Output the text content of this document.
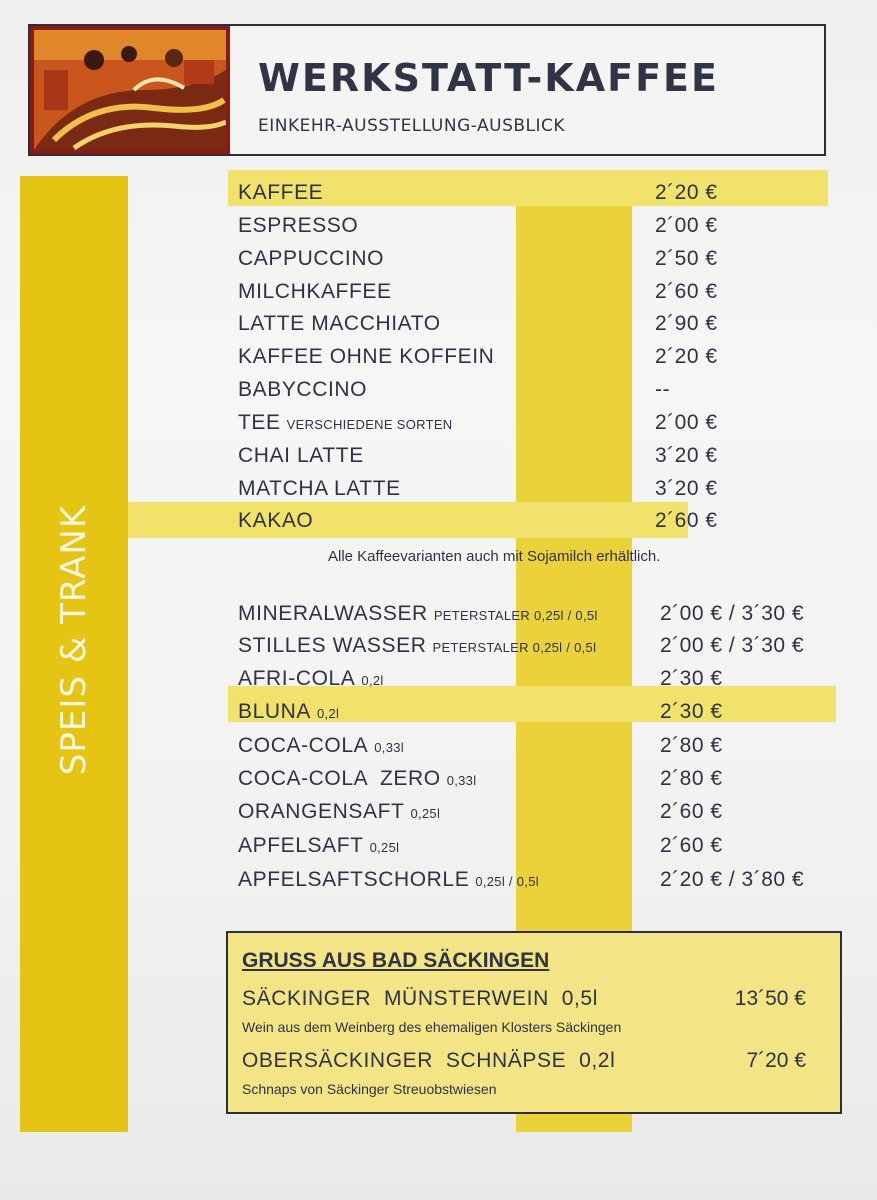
SPEIS & TRANK
WERKSTATT-KAFFEE
EINKEHR-AUSSTELLUNG-AUSBLICK
KAFFEE	2´20 €
ESPRESSO	2´00 €
CAPPUCCINO	2´50 €
MILCHKAFFEE	2´60 €
LATTE MACCHIATO	2´90 €
KAFFEE OHNE KOFFEIN	2´20 €
BABYCCINO	--
TEE VERSCHIEDENE SORTEN	2´00 €
CHAI LATTE	3´20 €
MATCHA LATTE	3´20 €
KAKAO	2´60 €
Alle Kaffeevarianten auch mit Sojamilch erhältlich.
MINERALWASSER PETERSTALER 0,25l / 0,5l	2´00 € / 3´30 €
STILLES WASSER PETERSTALER 0,25l / 0,5l	2´00 € / 3´30 €
AFRI-COLA 0,2l	2´30 €
BLUNA 0,2l	2´30 €
COCA-COLA 0,33l	2´80 €
COCA-COLA  ZERO 0,33l	2´80 €
ORANGENSAFT 0,25l	2´60 €
APFELSAFT 0,25l	2´60 €
APFELSAFTSCHORLE 0,25l / 0,5l	2´20 € / 3´80 €
GRUSS AUS BAD SÄCKINGEN
SÄCKINGER  MÜNSTERWEIN  0,5l	13´50 €
Wein aus dem Weinberg des ehemaligen Klosters Säckingen
OBERSÄCKINGER  SCHNÄPSE  0,2l	7´20 €
Schnaps von Säckinger Streuobstwiesen
